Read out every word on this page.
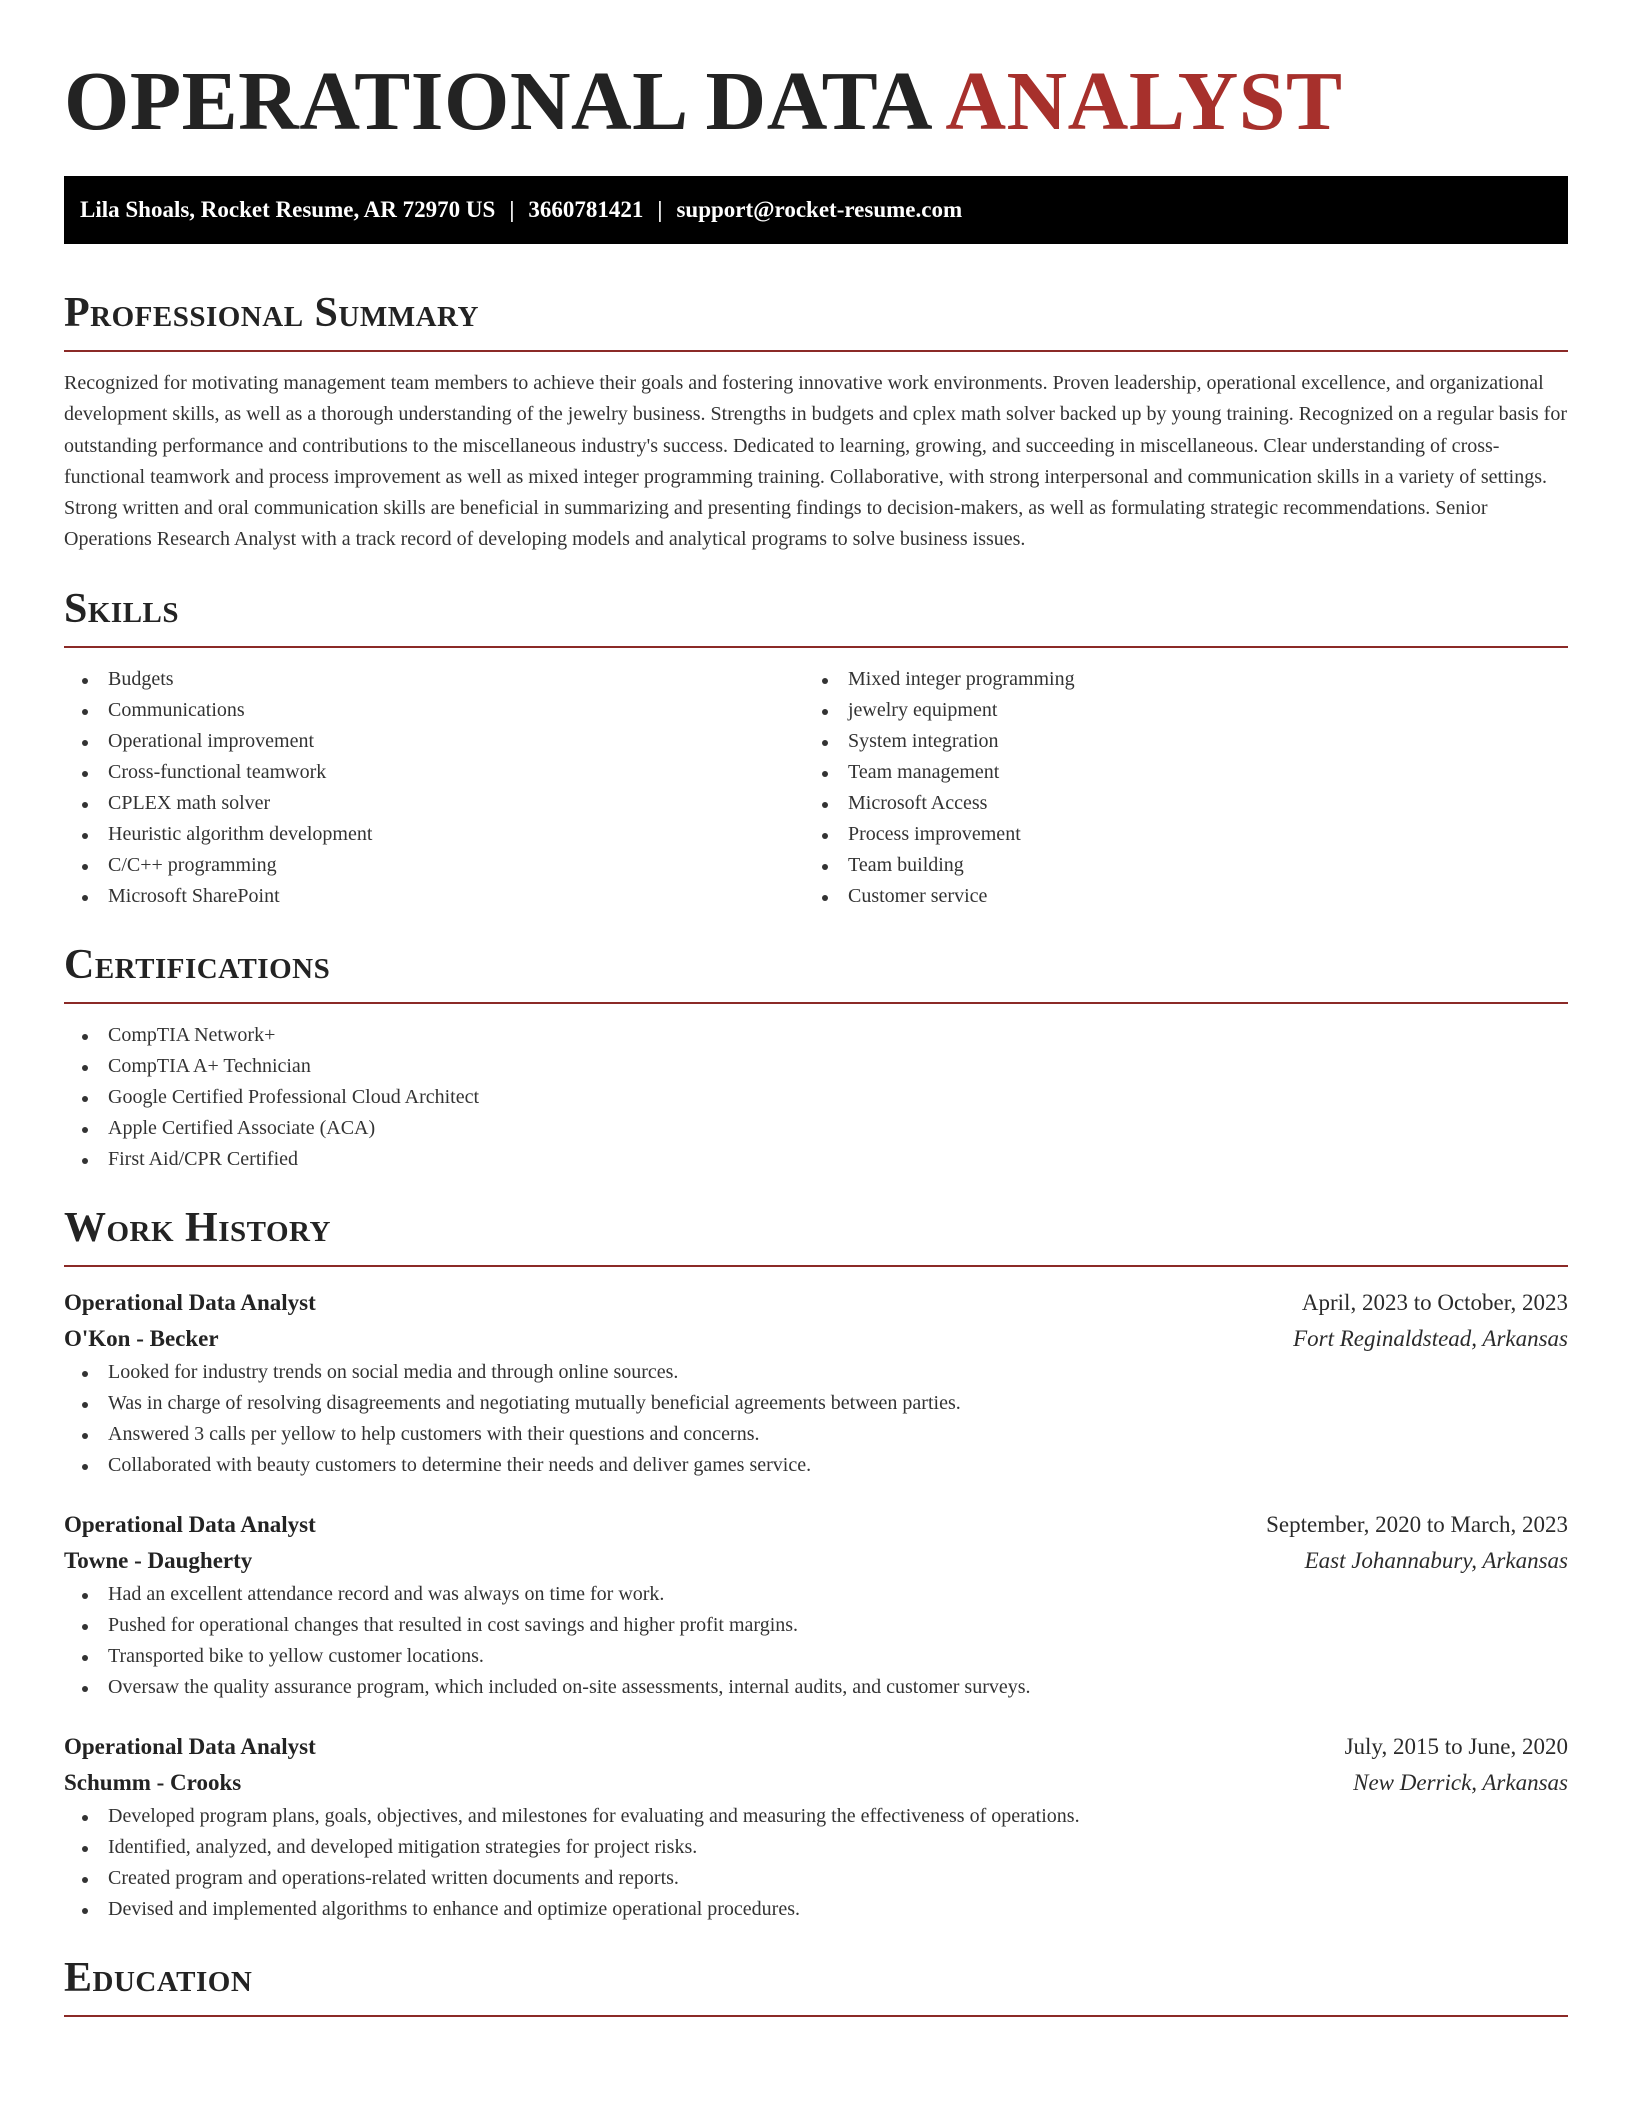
OPERATIONAL DATA ANALYST
Lila Shoals, Rocket Resume, AR 72970 US | 3660781421 | support@rocket-resume.com
Professional Summary

Recognized for motivating management team members to achieve their goals and fostering innovative work environments. Proven leadership, operational excellence, and organizational development skills, as well as a thorough understanding of the jewelry business. Strengths in budgets and cplex math solver backed up by young training. Recognized on a regular basis for outstanding performance and contributions to the miscellaneous industry's success. Dedicated to learning, growing, and succeeding in miscellaneous. Clear understanding of cross-functional teamwork and process improvement as well as mixed integer programming training. Collaborative, with strong interpersonal and communication skills in a variety of settings. Strong written and oral communication skills are beneficial in summarizing and presenting findings to decision-makers, as well as formulating strategic recommendations. Senior Operations Research Analyst with a track record of developing models and analytical programs to solve business issues.

Skills
Budgets
Communications
Operational improvement
Cross-functional teamwork
CPLEX math solver
Heuristic algorithm development
C/C++ programming
Microsoft SharePoint
Mixed integer programming
jewelry equipment
System integration
Team management
Microsoft Access
Process improvement
Team building
Customer service
Certifications
CompTIA Network+
CompTIA A+ Technician
Google Certified Professional Cloud Architect
Apple Certified Associate (ACA)
First Aid/CPR Certified
Work History
Operational Data Analyst	April, 2023 to October, 2023
O'Kon - Becker	Fort Reginaldstead, Arkansas
Looked for industry trends on social media and through online sources.
Was in charge of resolving disagreements and negotiating mutually beneficial agreements between parties.
Answered 3 calls per yellow to help customers with their questions and concerns.
Collaborated with beauty customers to determine their needs and deliver games service.
Operational Data Analyst	September, 2020 to March, 2023
Towne - Daugherty	East Johannabury, Arkansas
Had an excellent attendance record and was always on time for work.
Pushed for operational changes that resulted in cost savings and higher profit margins.
Transported bike to yellow customer locations.
Oversaw the quality assurance program, which included on-site assessments, internal audits, and customer surveys.
Operational Data Analyst	July, 2015 to June, 2020
Schumm - Crooks	New Derrick, Arkansas
Developed program plans, goals, objectives, and milestones for evaluating and measuring the effectiveness of operations.
Identified, analyzed, and developed mitigation strategies for project risks.
Created program and operations-related written documents and reports.
Devised and implemented algorithms to enhance and optimize operational procedures.
Education
